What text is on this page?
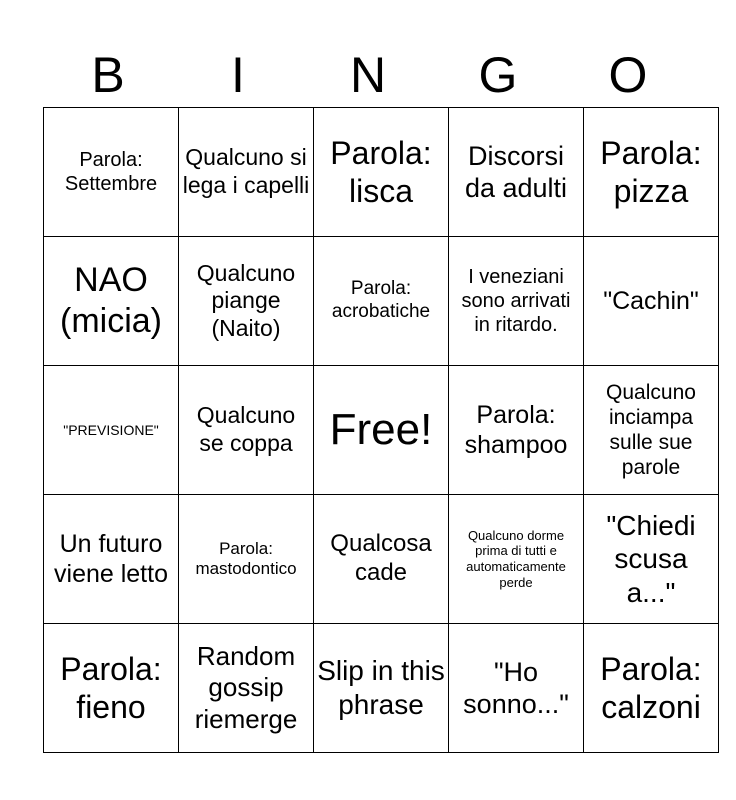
B	I	N	G	O
Parola: Settembre	Qualcuno si lega i capelli	Parola: lisca	Discorsi da adulti	Parola: pizza
NAO (micia)	Qualcuno piange (Naito)	Parola: acrobatiche	I veneziani sono arrivati in ritardo.	"Cachin"
"PREVISIONE"	Qualcuno se coppa	Free!	Parola: shampoo	Qualcuno inciampa sulle sue parole
Un futuro viene letto	Parola: mastodontico	Qualcosa cade	Qualcuno dorme prima di tutti e automaticamente perde	"Chiedi scusa a..."
Parola: fieno	Random gossip riemerge	Slip in this phrase	"Ho sonno..."	Parola: calzoni
